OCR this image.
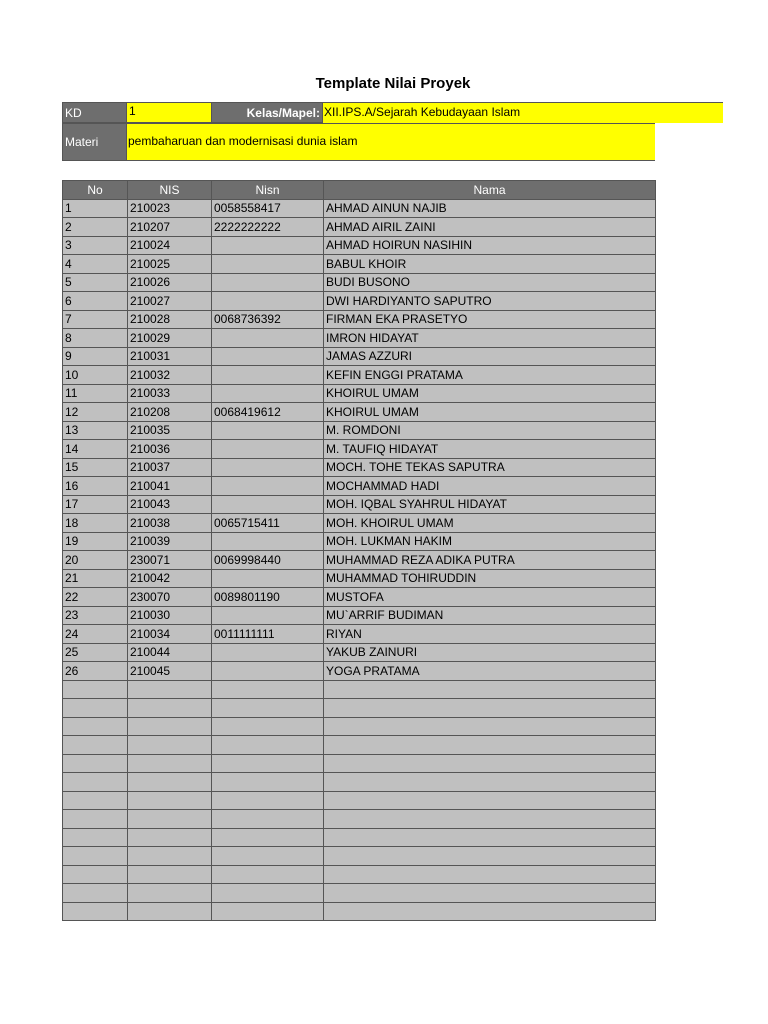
Template Nilai Proyek
KD	1	Kelas/Mapel: XII.IPS.A/Sejarah Kebudayaan Islam
Materi	pembaharuan dan modernisasi dunia islam
No	NIS	Nisn	Nama
1	210023	0058558417	AHMAD AINUN NAJIB
2	210207	2222222222	AHMAD AIRIL ZAINI
3	210024		AHMAD HOIRUN NASIHIN
4	210025		BABUL KHOIR
5	210026		BUDI BUSONO
6	210027		DWI HARDIYANTO SAPUTRO
7	210028	0068736392	FIRMAN EKA PRASETYO
8	210029		IMRON HIDAYAT
9	210031		JAMAS AZZURI
10	210032		KEFIN ENGGI PRATAMA
11	210033		KHOIRUL UMAM
12	210208	0068419612	KHOIRUL UMAM
13	210035		M. ROMDONI
14	210036		M. TAUFIQ HIDAYAT
15	210037		MOCH. TOHE TEKAS SAPUTRA
16	210041		MOCHAMMAD HADI
17	210043		MOH. IQBAL SYAHRUL HIDAYAT
18	210038	0065715411	MOH. KHOIRUL UMAM
19	210039		MOH. LUKMAN HAKIM
20	230071	0069998440	MUHAMMAD REZA ADIKA PUTRA
21	210042		MUHAMMAD TOHIRUDDIN
22	230070	0089801190	MUSTOFA
23	210030		MU`ARRIF BUDIMAN
24	210034	0011111111	RIYAN
25	210044		YAKUB ZAINURI
26	210045		YOGA PRATAMA
